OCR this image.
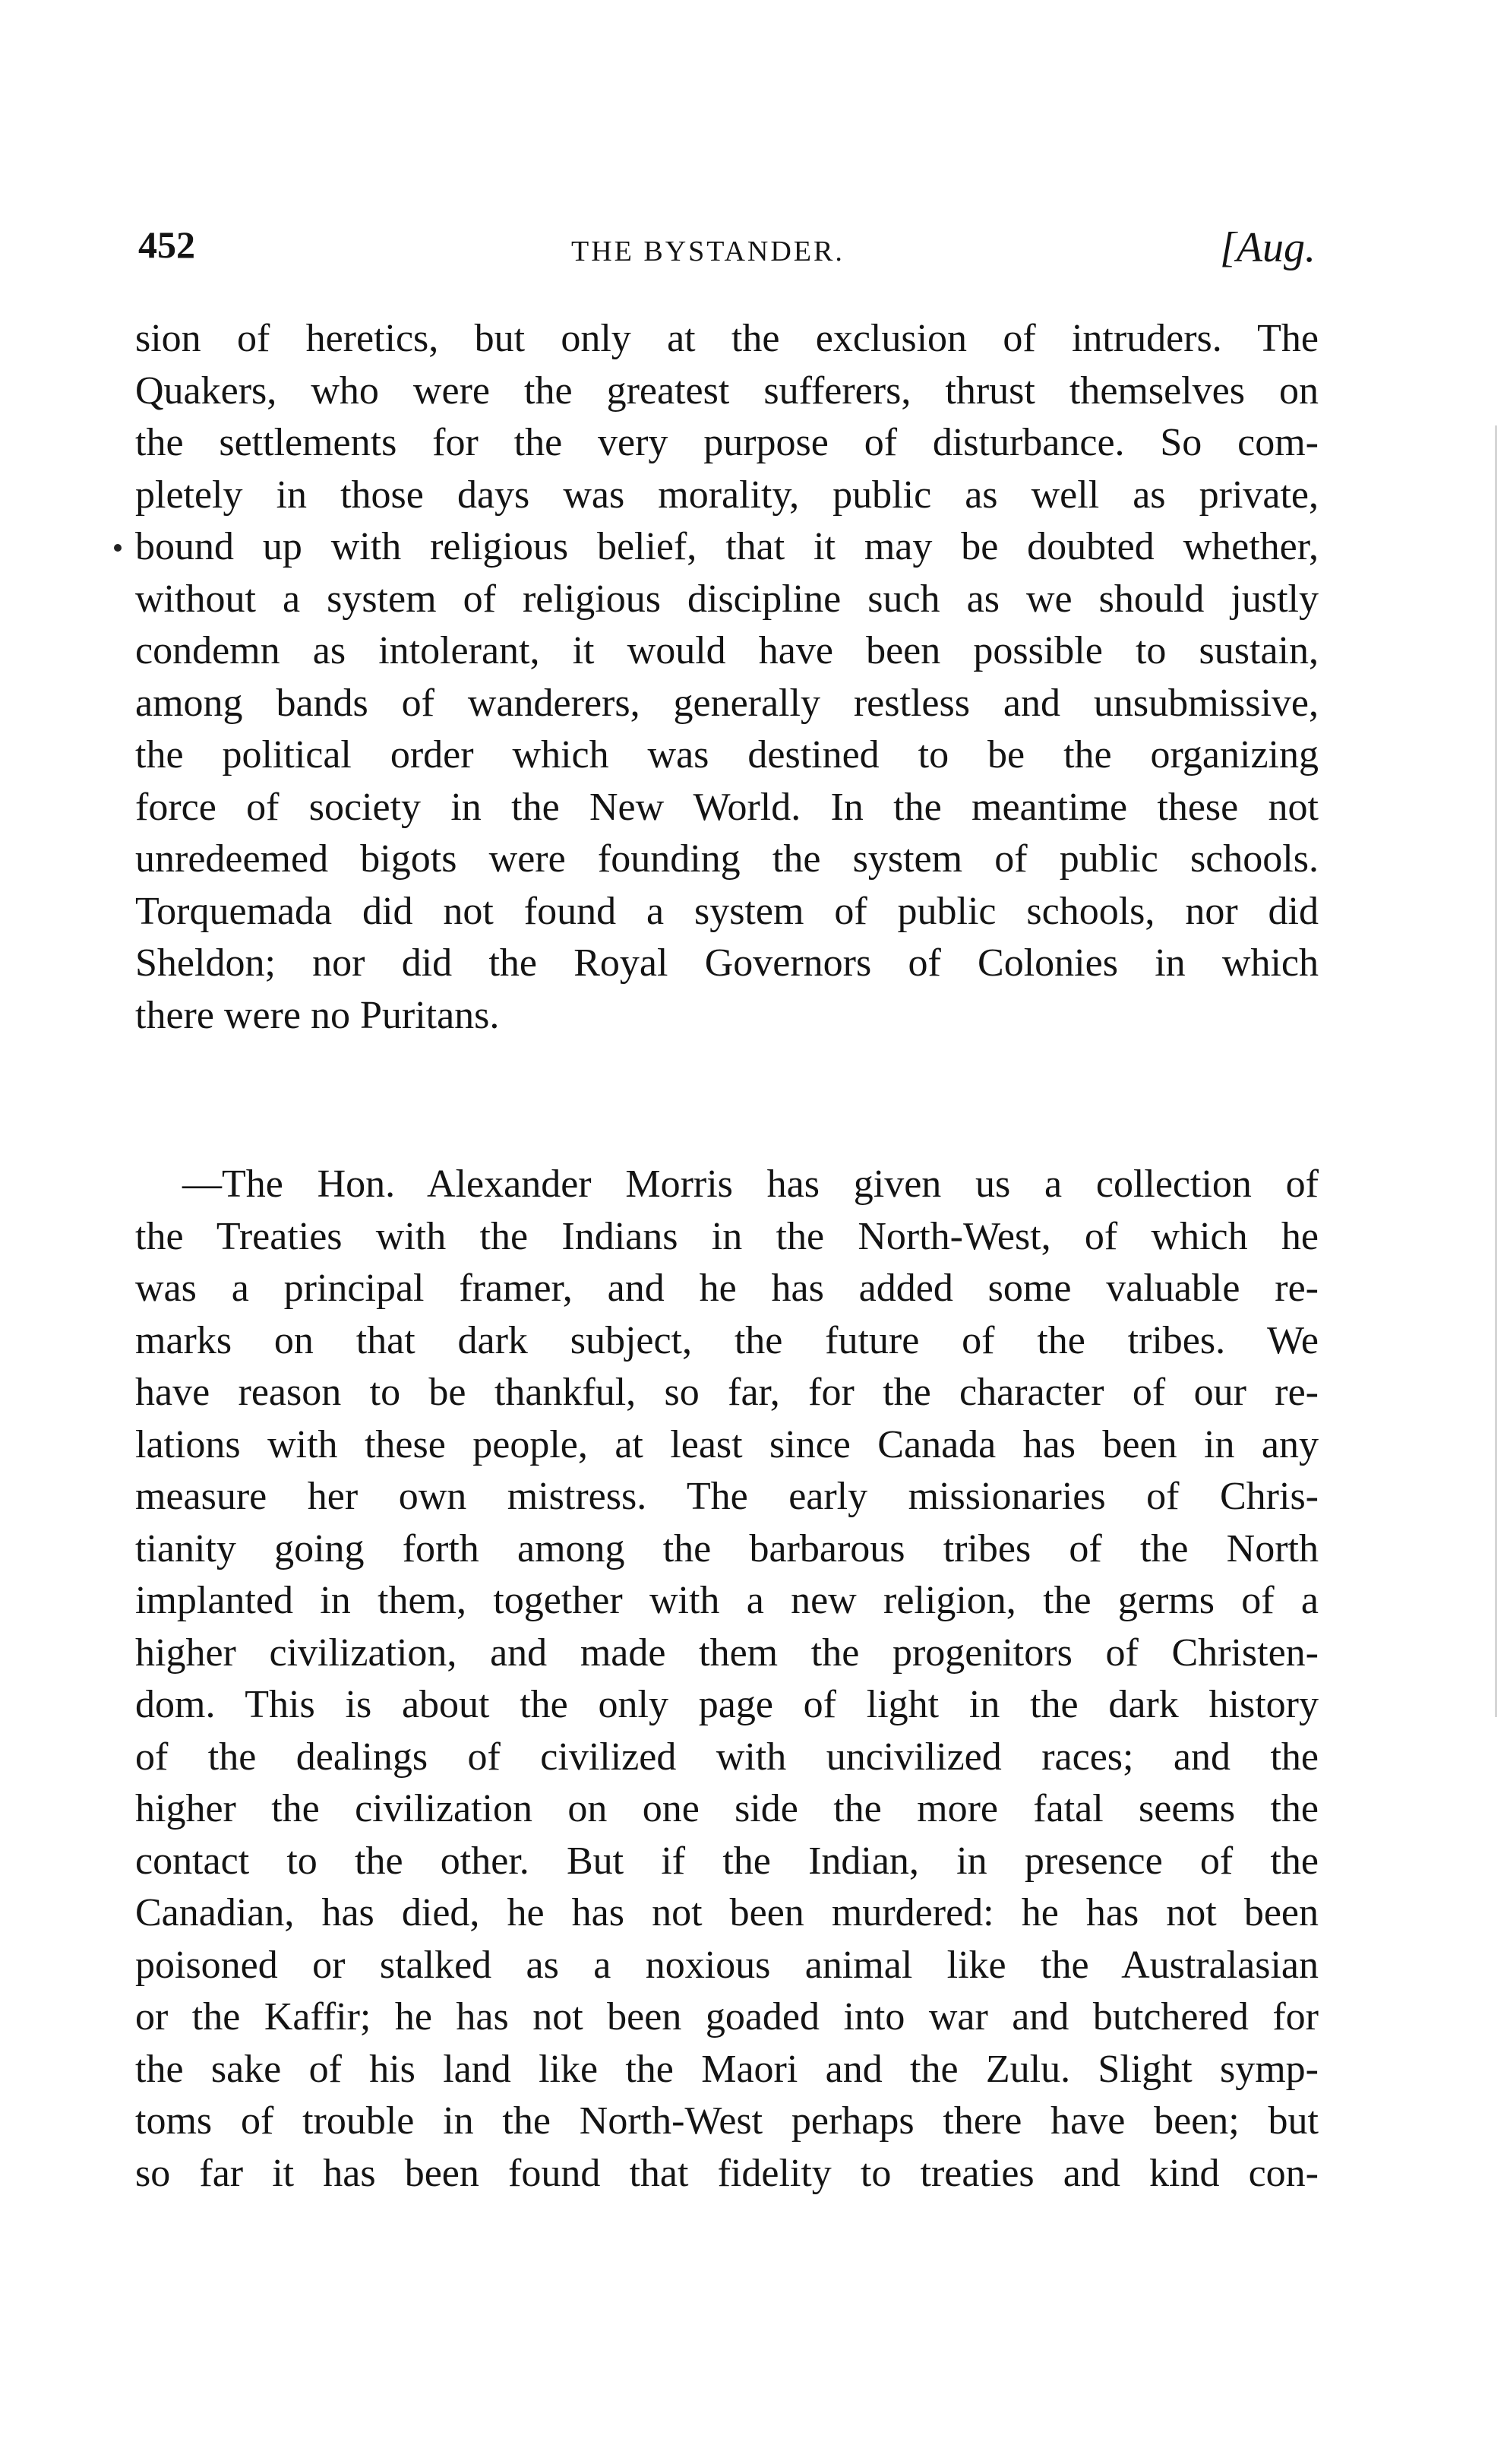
452	THE BYSTANDER.	[Aug.
sion of heretics, but only at the exclusion of intruders. The
Quakers, who were the greatest sufferers, thrust themselves on
the settlements for the very purpose of disturbance. So com-
pletely in those days was morality, public as well as private,
bound up with religious belief, that it may be doubted whether,
without a system of religious discipline such as we should justly
condemn as intolerant, it would have been possible to sustain,
among bands of wanderers, generally restless and unsubmissive,
the political order which was destined to be the organizing
force of society in the New World. In the meantime these not
unredeemed bigots were founding the system of public schools.
Torquemada did not found a system of public schools, nor did
Sheldon; nor did the Royal Governors of Colonies in which
there were no Puritans.
—The Hon. Alexander Morris has given us a collection of
the Treaties with the Indians in the North-West, of which he
was a principal framer, and he has added some valuable re-
marks on that dark subject, the future of the tribes. We
have reason to be thankful, so far, for the character of our re-
lations with these people, at least since Canada has been in any
measure her own mistress. The early missionaries of Chris-
tianity going forth among the barbarous tribes of the North
implanted in them, together with a new religion, the germs of a
higher civilization, and made them the progenitors of Christen-
dom. This is about the only page of light in the dark history
of the dealings of civilized with uncivilized races; and the
higher the civilization on one side the more fatal seems the
contact to the other. But if the Indian, in presence of the
Canadian, has died, he has not been murdered: he has not been
poisoned or stalked as a noxious animal like the Australasian
or the Kaffir; he has not been goaded into war and butchered for
the sake of his land like the Maori and the Zulu. Slight symp-
toms of trouble in the North-West perhaps there have been; but
so far it has been found that fidelity to treaties and kind con-
